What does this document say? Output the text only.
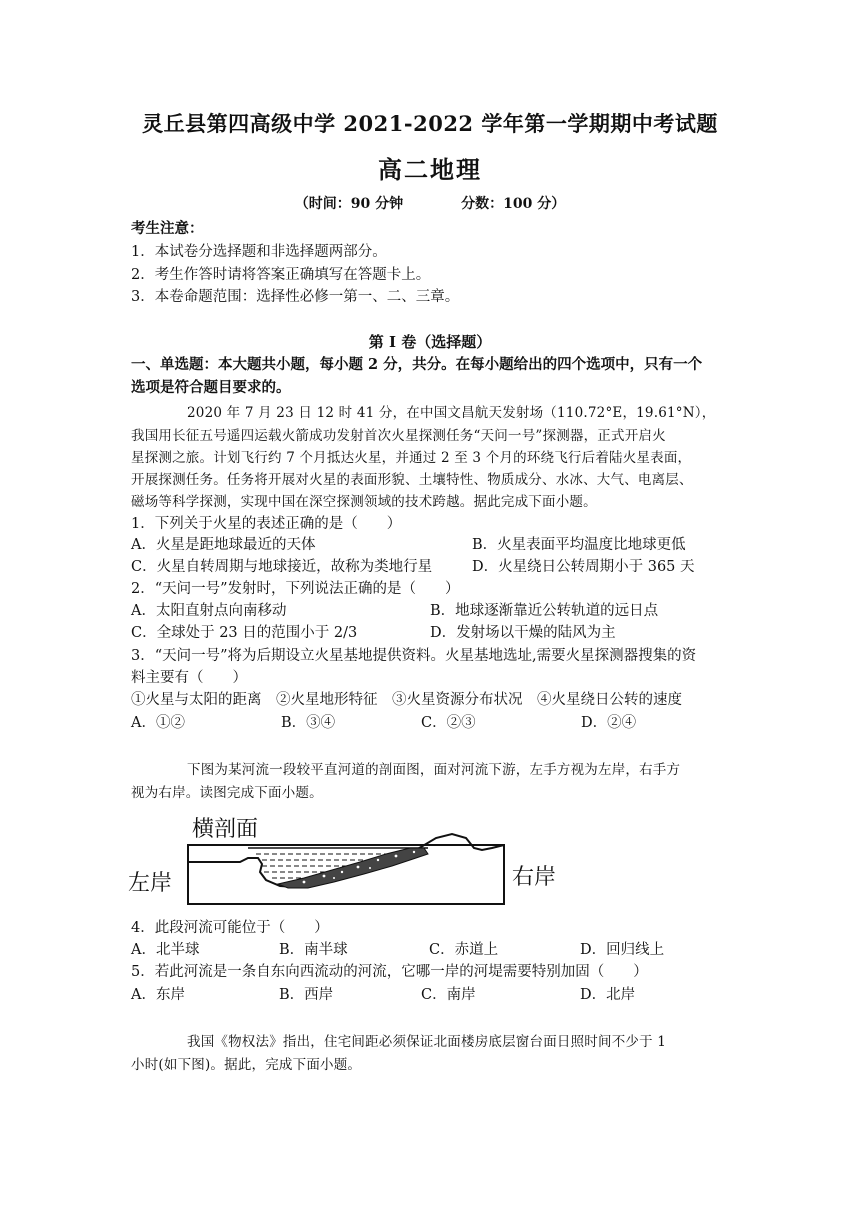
灵丘县第四高级中学 2021-2022 学年第一学期期中考试题
高二地理
（时间：90 分钟	分数：100 分）
考生注意：
1．本试卷分选择题和非选择题两部分。
2．考生作答时请将答案正确填写在答题卡上。
3．本卷命题范围：选择性必修一第一、二、三章。
第 I 卷（选择题）
一、单选题：本大题共小题，每小题 2 分，共分。在每小题给出的四个选项中，只有一个
选项是符合题目要求的。
2020 年 7 月 23 日 12 时 41 分，在中国文昌航天发射场（110.72°E，19.61°N），
我国用长征五号遥四运载火箭成功发射首次火星探测任务“天问一号”探测器，正式开启火
星探测之旅。计划飞行约 7 个月抵达火星，并通过 2 至 3 个月的环绕飞行后着陆火星表面，
开展探测任务。任务将开展对火星的表面形貌、土壤特性、物质成分、水冰、大气、电离层、
磁场等科学探测，实现中国在深空探测领域的技术跨越。据此完成下面小题。
1．下列关于火星的表述正确的是（　　）
A．火星是距地球最近的天体	B．火星表面平均温度比地球更低
C．火星自转周期与地球接近，故称为类地行星	D．火星绕日公转周期小于 365 天
2．“天问一号”发射时，下列说法正确的是（　　）
A．太阳直射点向南移动	B．地球逐渐靠近公转轨道的远日点
C．全球处于 23 日的范围小于 2/3	D．发射场以干燥的陆风为主
3．“天问一号”将为后期设立火星基地提供资料。火星基地选址,需要火星探测器搜集的资
料主要有（　　）
①火星与太阳的距离　②火星地形特征　③火星资源分布状况　④火星绕日公转的速度
A．①②	B．③④	C．②③	D．②④
下图为某河流一段较平直河道的剖面图，面对河流下游，左手方视为左岸，右手方
视为右岸。读图完成下面小题。
横剖面
左岸	右岸
4．此段河流可能位于（　　）
A．北半球	B．南半球	C．赤道上	D．回归线上
5．若此河流是一条自东向西流动的河流，它哪一岸的河堤需要特别加固（　　）
A．东岸	B．西岸	C．南岸	D．北岸
我国《物权法》指出，住宅间距必须保证北面楼房底层窗台面日照时间不少于 1
小时(如下图)。据此，完成下面小题。
